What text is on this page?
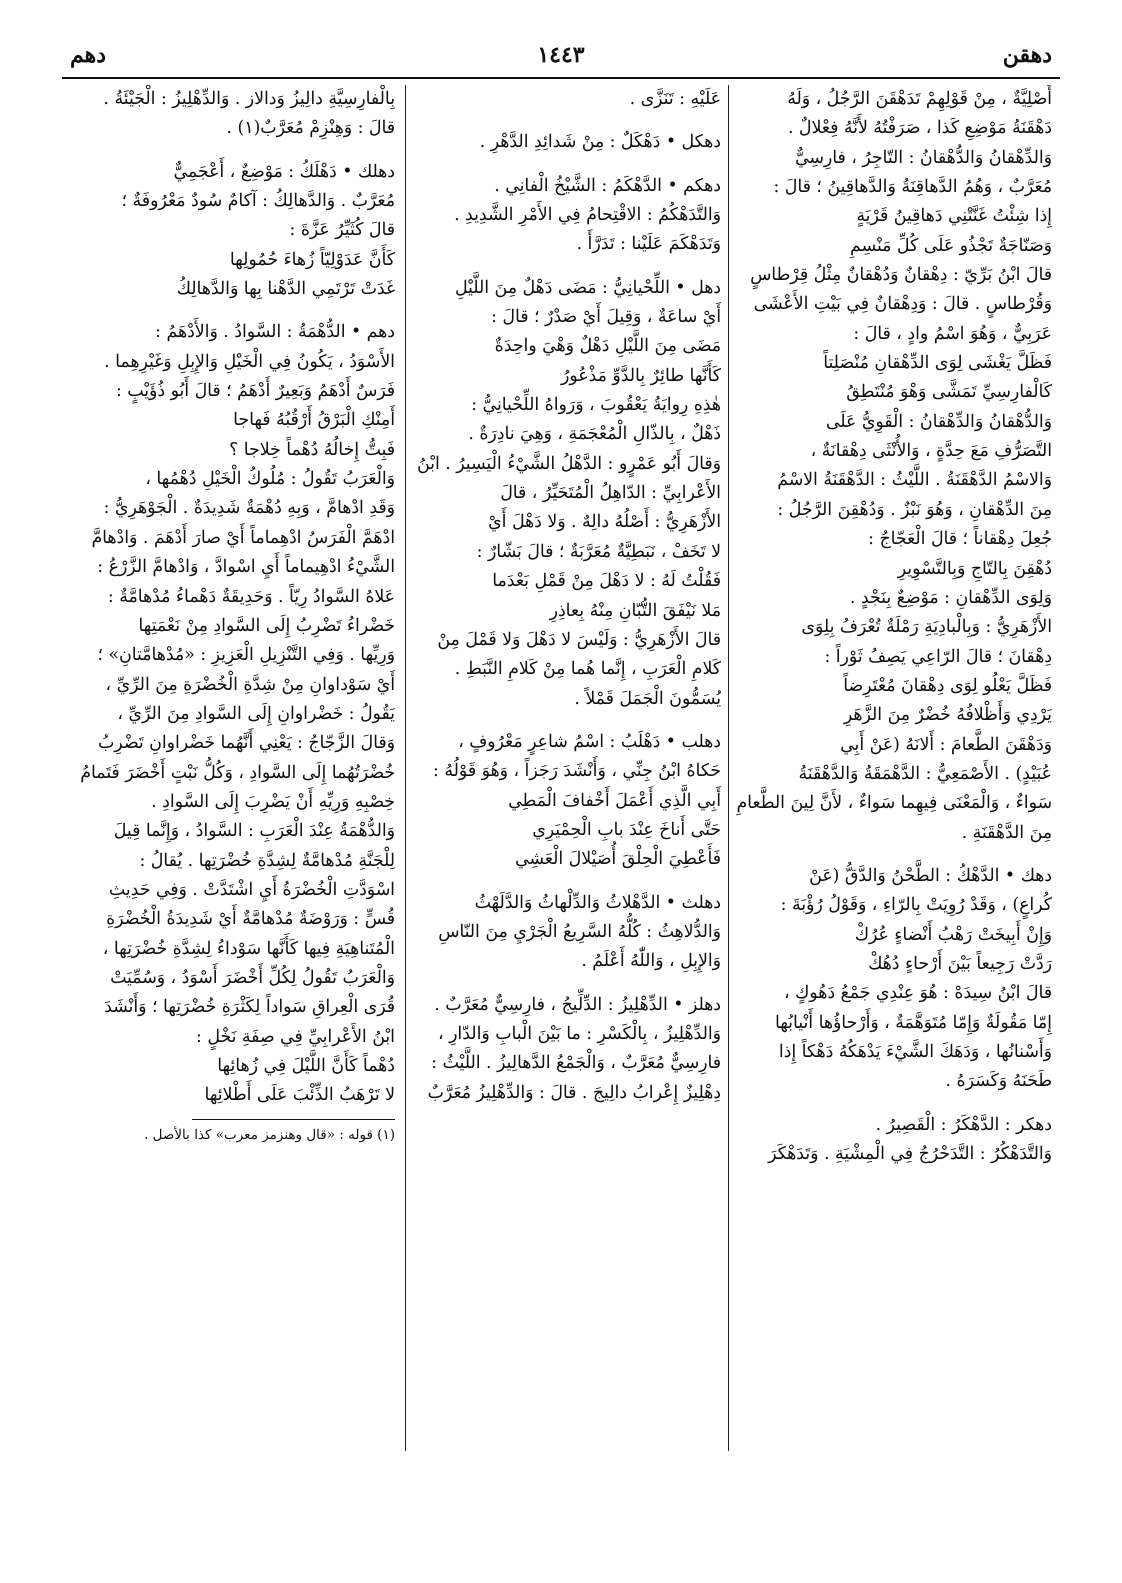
دهقن
١٤٤٣
دهم
أَصْلِيَّةٌ ، مِنْ قَوْلِهِمْ تَدَهْقَنَ الرَّجُلُ ، وَلَهُ
دَهْقَنَةُ مَوْضِعِ كَذا ، صَرَفْتُهُ لأَنَّهُ فِعْلالٌ .
وَالدِّهْقانُ وَالدُّهْقانُ : التّاجِرُ ، فارِسِيٌّ
مُعَرَّبٌ ، وَهُمُ الدَّهاقِنَةُ وَالدَّهاقِينُ ؛ قالَ :
إِذا شِئْتُ غَنَّتْنِي دَهاقِينُ قَرْيَةٍ
وَصَنّاجَةٌ تَجْذُو عَلَى كُلِّ مَنْسِمِ
قالَ ابْنُ بَرِّيّ : دِهْقانٌ وَدُهْقانٌ مِثْلُ قِرْطاسٍ
وَقُرْطاسٍ . قالَ : وَدِهْقانٌ فِي بَيْتِ الأَعْشَى
عَرَبِيٌّ ، وَهُوَ اسْمُ وادٍ ، قالَ :
فَظَلَّ يَغْشَى لِوَى الدِّهْقانِ مُنْصَلِتاً
كَالْفارِسِيِّ تَمَشَّى وَهْوَ مُنْتَطِقُ
وَالدُّهْقانُ وَالدِّهْقانُ : الْقَوِيُّ عَلَى
التَّصَرُّفِ مَعَ حِدَّةٍ ، وَالأُنْثَى دِهْقانَةٌ ،
وَالاسْمُ الدَّهْقَنَةُ . اللَّيْثُ : الدَّهْقَنَةُ الاسْمُ
مِنَ الدِّهْقانِ ، وَهُوَ نَبْزٌ . وَدُهْقِنَ الرَّجُلُ :
جُعِلَ دِهْقاناً ؛ قالَ الْعَجّاجُ :
دُهْقِنَ بِالتّاجِ وَبِالتَّسْوِيرِ
وَلِوَى الدِّهْقانِ : مَوْضِعٌ بِنَجْدٍ .
الأَزْهَرِيُّ : وَبِالْبادِيَةِ رَمْلَةٌ تُعْرَفُ بِلِوَى
دِهْقانَ ؛ قالَ الرّاعِي يَصِفُ ثَوْراً :
فَظَلَّ يَعْلُو لِوَى دِهْقانَ مُعْتَرِضاً
يَرْدِي وَأَظْلافُهُ خُضْرٌ مِنَ الزَّهَرِ
وَدَهْقَنَ الطَّعامَ : أَلانَهُ (عَنْ أَبِي
عُبَيْدٍ) . الأَصْمَعِيُّ : الدَّهْمَقَةُ وَالدَّهْقَنَةُ
سَواءٌ ، وَالْمَعْنَى فِيهِما سَواءٌ ، لأَنَّ لِينَ الطَّعامِ
مِنَ الدَّهْقَنَةِ .
دهك • الدَّهْكُ : الطَّحْنُ وَالدَّقُّ (عَنْ
كُراعٍ) ، وَقَدْ رُوِيَتْ بِالرّاءِ ، وَقَوْلُ رُؤْبَةَ :
وَإِنْ أَبِيخَتْ رَهْبُ أَنْضاءٍ عُرُكْ
رَدَّتْ رَجِيعاً بَيْنَ أَرْحاءٍ دُهُكْ
قالَ ابْنُ سِيدَهْ : هُوَ عِنْدِي جَمْعُ دَهُوكٍ ،
إِمّا مَقُولَةٌ وَإِمّا مُتَوَهَّمَةٌ ، وَأَرْحاؤُها أَنْيابُها
وَأَسْنانُها ، وَدَهَكَ الشَّيْءَ يَدْهَكُهُ دَهْكاً إِذا
طَحَنَهُ وَكَسَرَهُ .
دهكر : الدَّهْكَرُ : الْقَصِيرُ .
وَالتَّدَهْكُرُ : التَّدَحْرُجُ فِي الْمِشْيَةِ . وَتَدَهْكَرَ
عَلَيْهِ : تَنَزَّى .
دهكل • دَهْكَلٌ : مِنْ شَدائِدِ الدَّهْرِ .
دهكم • الدَّهْكَمُ : الشَّيْخُ الْفانِي .
وَالتَّدَهْكُمُ : الاقْتِحامُ فِي الأَمْرِ الشَّدِيدِ .
وَتَدَهْكَمَ عَلَيْنا : تَدَرَّأَ .
دهل • اللِّحْيانِيُّ : مَضَى دَهْلٌ مِنَ اللَّيْلِ
أَيْ ساعَةٌ ، وَقِيلَ أَيْ صَدْرٌ ؛ قالَ :
مَضَى مِنَ اللَّيْلِ دَهْلٌ وَهْيَ واحِدَةٌ
كَأَنَّها طائِرٌ بِالدَّوِّ مَذْعُورُ
هٰذِهِ رِوايَةُ يَعْقُوبَ ، وَرَواهُ اللِّحْيانِيُّ :
ذَهْلٌ ، بِالذّالِ الْمُعْجَمَةِ ، وَهِيَ نادِرَةٌ .
وَقالَ أَبُو عَمْرٍو : الدَّهْلُ الشَّيْءُ الْيَسِيرُ . ابْنُ
الأَعْرابِيِّ : الدّاهِلُ الْمُتَحَيِّرُ ، قالَ
الأَزْهَرِيُّ : أَصْلُهُ دالِهٌ . وَلا دَهْلَ أَيْ
لا تَخَفْ ، نَبَطِيَّةٌ مُعَرَّبَةٌ ؛ قالَ بَشّارٌ :
فَقُلْتُ لَهُ : لا دَهْلَ مِنْ قَمْلِ بَعْدَما
مَلا نَيْفَقَ التُّبّانِ مِنْهُ بِعاذِرِ
قالَ الأَزْهَرِيُّ : وَلَيْسَ لا دَهْلَ وَلا قَمْلَ مِنْ
كَلامِ الْعَرَبِ ، إِنَّما هُما مِنْ كَلامِ النَّبَطِ .
يُسَمُّونَ الْجَمَلَ قَمْلاً .
دهلب • دَهْلَبُ : اسْمُ شاعِرٍ مَعْرُوفٍ ،
حَكاهُ ابْنُ جِنِّي ، وَأَنْشَدَ رَجَزاً ، وَهُوَ قَوْلُهُ :
أَبِي الَّذِي أَعْمَلَ أَخْفافَ الْمَطِي
حَتَّى أَناخَ عِنْدَ بابِ الْحِمْيَرِي
فَأَعْطِيَ الْحِلْقَ أُصَيْلالَ الْعَشِي
دهلث • الدَّهْلاثُ وَالدِّلْهاثُ وَالدَّلَهْثُ
وَالدُّلاهِثُ : كُلُّهُ السَّرِيعُ الْجَرْيِ مِنَ النّاسِ
وَالإِبِلِ ، وَاللّٰهُ أَعْلَمُ .
دهلز • الدِّهْلِيزُ : الدِّلِّيجُ ، فارِسِيٌّ مُعَرَّبٌ .
وَالدِّهْلِيزُ ، بِالْكَسْرِ : ما بَيْنَ الْبابِ وَالدّارِ ،
فارِسِيٌّ مُعَرَّبٌ ، وَالْجَمْعُ الدَّهالِيزُ . اللَّيْثُ :
دِهْلِيزٌ إِعْرابُ دالِيجَ . قالَ : وَالدِّهْلِيزُ مُعَرَّبٌ
بِالْفارِسِيَّةِ دالِيزُ وَدالاز . وَالدِّهْلِيزُ : الْجَيْئَةُ .
قالَ : وَهِنْزِمْ مُعَرَّبٌ(١) .
دهلك • دَهْلَكُ : مَوْضِعٌ ، أَعْجَمِيٌّ
مُعَرَّبٌ . وَالدَّهالِكُ : آكامٌ سُودٌ مَعْرُوفَةٌ ؛
قالَ كُثَيِّرُ عَزَّةَ :
كَأَنَّ عَدَوْلِيّاً زُهاءَ حُمُولِها
غَدَتْ تَرْتَمِي الدَّهْنا بِها وَالدَّهالِكُ
دهم • الدُّهْمَةُ : السَّوادُ . وَالأَدْهَمُ :
الأَسْوَدُ ، يَكُونُ فِي الْخَيْلِ وَالإِبِلِ وَغَيْرِهِما .
فَرَسٌ أَدْهَمُ وَبَعِيرٌ أَدْهَمُ ؛ قالَ أَبُو ذُؤَيْبٍ :
أَمِنْكِ الْبَرْقُ أَرْقُبُهُ فَهاجا
فَبِتُّ إِخالُهُ دُهْماً خِلاجا ؟
وَالْعَرَبُ تَقُولُ : مُلُوكُ الْخَيْلِ دُهْمُها ،
وَقَدِ ادْهامَّ ، وَبِهِ دُهْمَةٌ شَدِيدَةٌ . الْجَوْهَرِيُّ :
ادْهَمَّ الْفَرَسُ ادْهِماماً أَيْ صارَ أَدْهَمَ . وَادْهامَّ
الشَّيْءُ ادْهِيماماً أَيِ اسْوادَّ ، وَادْهامَّ الزَّرْعُ :
عَلاهُ السَّوادُ رِيّاً . وَحَدِيقَةٌ دَهْماءُ مُدْهامَّةٌ :
خَضْراءُ تَضْرِبُ إِلَى السَّوادِ مِنْ نَعْمَتِها
وَرِيِّها . وَفِي التَّنْزِيلِ الْعَزِيزِ : «مُدْهامَّتانِ» ؛
أَيْ سَوْداوانِ مِنْ شِدَّةِ الْخُضْرَةِ مِنَ الرِّيِّ ،
يَقُولُ : خَضْراوانِ إِلَى السَّوادِ مِنَ الرِّيِّ ،
وَقالَ الزَّجّاجُ : يَعْنِي أَنَّهُما خَضْراوانِ تَضْرِبُ
خُضْرَتُهُما إِلَى السَّوادِ ، وَكُلُّ نَبْتٍ أَخْضَرَ فَتَمامُ
خِصْبِهِ وَرِيِّهِ أَنْ يَضْرِبَ إِلَى السَّوادِ .
وَالدُّهْمَةُ عِنْدَ الْعَرَبِ : السَّوادُ ، وَإِنَّما قِيلَ
لِلْجَنَّةِ مُدْهامَّةٌ لِشِدَّةِ خُضْرَتِها . يُقالُ :
اسْوَدَّتِ الْخُضْرَةُ أَيِ اشْتَدَّتْ . وَفِي حَدِيثِ
قُسٍّ : وَرَوْضَةٌ مُدْهامَّةٌ أَيْ شَدِيدَةُ الْخُضْرَةِ
الْمُتَناهِيَةِ فِيها كَأَنَّها سَوْداءُ لِشِدَّةِ خُضْرَتِها ،
وَالْعَرَبُ تَقُولُ لِكُلِّ أَخْضَرَ أَسْوَدُ ، وَسُمِّيَتْ
قُرَى الْعِراقِ سَواداً لِكَثْرَةِ خُضْرَتِها ؛ وَأَنْشَدَ
ابْنُ الأَعْرابِيِّ فِي صِفَةِ نَخْلٍ :
دُهْماً كَأَنَّ اللَّيْلَ فِي زُهائِها
لا تَرْهَبُ الذِّئْبَ عَلَى أَطْلائِها
(١) قوله : «قال وهنزمز معرب» كذا بالأصل .
